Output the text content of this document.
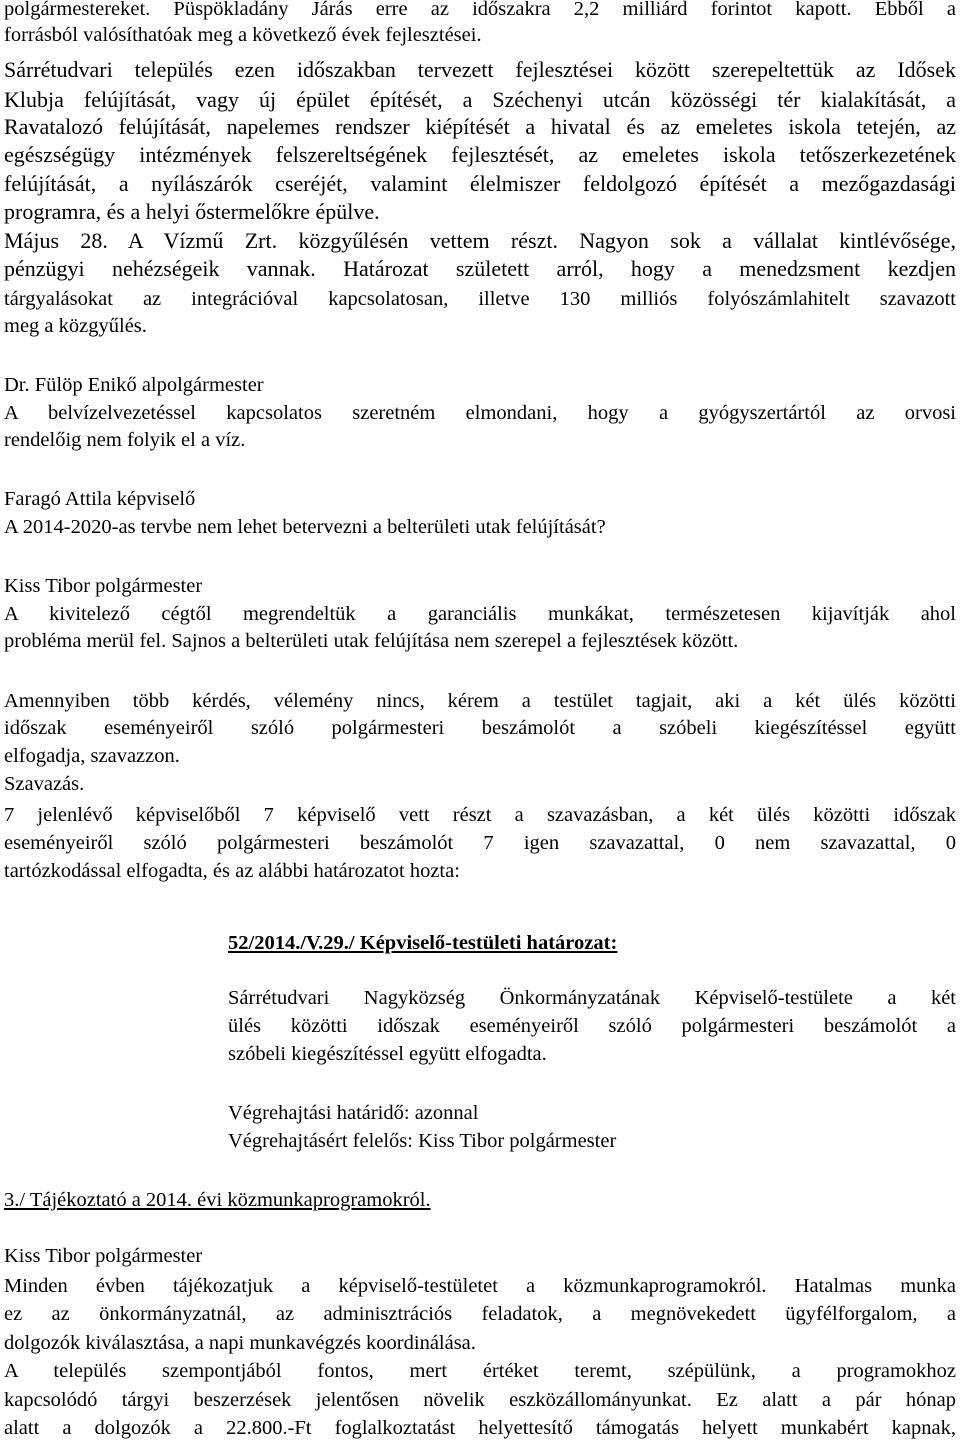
polgármestereket. Püspökladány Járás erre az időszakra 2,2 milliárd forintot kapott. Ebből a
forrásból valósíthatóak meg a következő évek fejlesztései.
Sárrétudvari település ezen időszakban tervezett fejlesztései között szerepeltettük az Idősek
Klubja felújítását, vagy új épület építését, a Széchenyi utcán közösségi tér kialakítását, a
Ravatalozó felújítását, napelemes rendszer kiépítését a hivatal és az emeletes iskola tetején, az
egészségügy intézmények felszereltségének fejlesztését, az emeletes iskola tetőszerkezetének
felújítását, a nyílászárók cseréjét, valamint élelmiszer feldolgozó építését a mezőgazdasági
programra, és a helyi őstermelőkre épülve.
Május 28. A Vízmű Zrt. közgyűlésén vettem részt. Nagyon sok a vállalat kintlévősége,
pénzügyi nehézségeik vannak. Határozat született arról, hogy a menedzsment kezdjen
tárgyalásokat az integrációval kapcsolatosan, illetve 130 milliós folyószámlahitelt szavazott
meg a közgyűlés.
Dr. Fülöp Enikő alpolgármester
A belvízelvezetéssel kapcsolatos szeretném elmondani, hogy a gyógyszertártól az orvosi
rendelőig nem folyik el a víz.
Faragó Attila képviselő
A 2014-2020-as tervbe nem lehet betervezni a belterületi utak felújítását?
Kiss Tibor polgármester
A kivitelező cégtől megrendeltük a garanciális munkákat, természetesen kijavítják ahol
probléma merül fel. Sajnos a belterületi utak felújítása nem szerepel a fejlesztések között.
Amennyiben több kérdés, vélemény nincs, kérem a testület tagjait, aki a két ülés közötti
időszak eseményeiről szóló polgármesteri beszámolót a szóbeli kiegészítéssel együtt
elfogadja, szavazzon.
Szavazás.
7 jelenlévő képviselőből 7 képviselő vett részt a szavazásban, a két ülés közötti időszak
eseményeiről szóló polgármesteri beszámolót 7 igen szavazattal, 0 nem szavazattal, 0
tartózkodással elfogadta, és az alábbi határozatot hozta:
52/2014./V.29./ Képviselő-testületi határozat:
Sárrétudvari Nagyközség Önkormányzatának Képviselő-testülete a két
ülés közötti időszak eseményeiről szóló polgármesteri beszámolót a
szóbeli kiegészítéssel együtt elfogadta.
Végrehajtási határidő: azonnal
Végrehajtásért felelős: Kiss Tibor polgármester
3./ Tájékoztató a 2014. évi közmunkaprogramokról.
Kiss Tibor polgármester
Minden évben tájékozatjuk a képviselő-testületet a közmunkaprogramokról. Hatalmas munka
ez az önkormányzatnál, az adminisztrációs feladatok, a megnövekedett ügyfélforgalom, a
dolgozók kiválasztása, a napi munkavégzés koordinálása.
A település szempontjából fontos, mert értéket teremt, szépülünk, a programokhoz
kapcsolódó tárgyi beszerzések jelentősen növelik eszközállományunkat. Ez alatt a pár hónap
alatt a dolgozók a 22.800.-Ft foglalkoztatást helyettesítő támogatás helyett munkabért kapnak,
